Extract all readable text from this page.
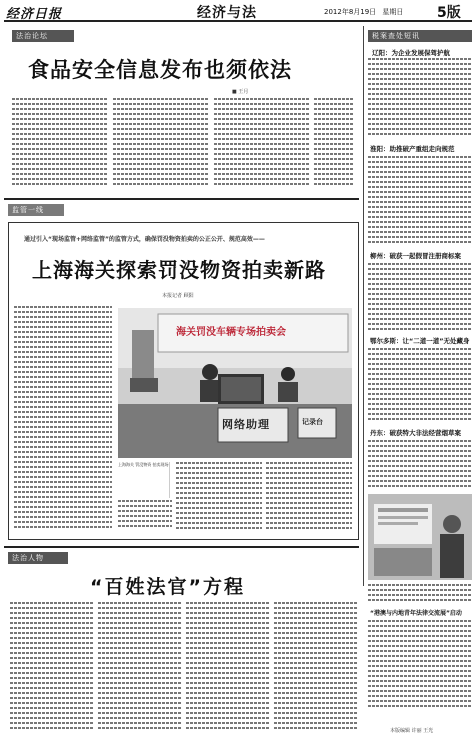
经济日报	经济与法	2012年8月19日 星期日 5版
法治论坛
食品安全信息发布也须依法
■ 王月
税案查处短讯
辽阳：为企业发展保驾护航
淮阳：助推破产重组走向规范
柳州：破获一起假冒注册商标案
鄂尔多斯：让“二道一道”无处藏身
丹东：破获特大非法经营烟草案
“港澳与内地青年法律交流展”启动
本版编辑 许丽 王光
监管一线
通过引入“现场监管+网络监管”的监管方式，确保罚没物资拍卖的公正公开、规范高效——
上海海关探索罚没物资拍卖新路
本报记者 顾阳
海关罚没车辆专场拍卖会
网络助理	记录台
上海海关 罚没物资 拍卖现场
法治人物
“百姓法官”方程
